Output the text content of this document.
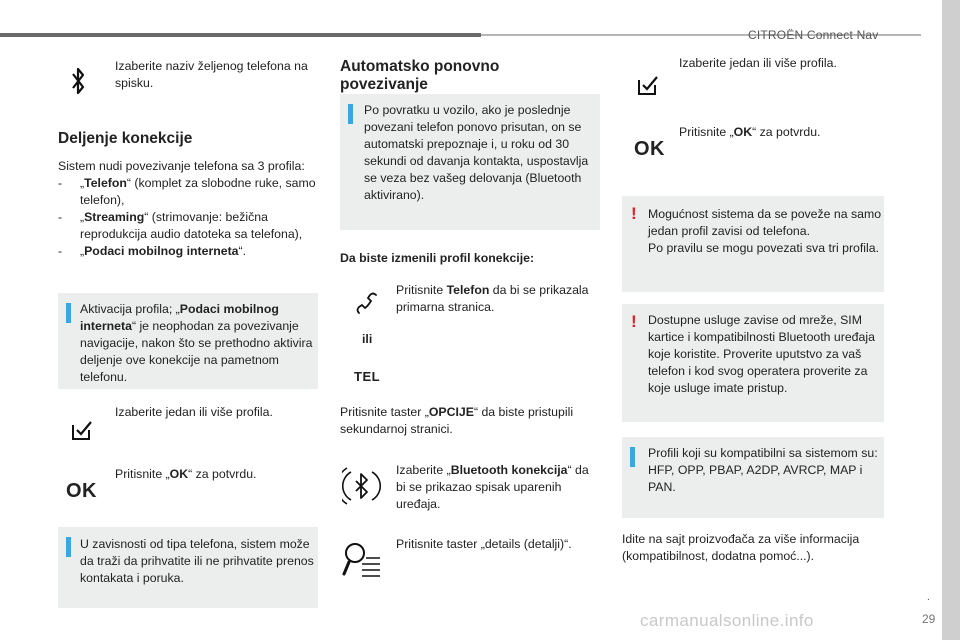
CITROËN Connect Nav
.
29

Izaberite naziv željenog telefona na spisku.

Deljenje konekcije

Sistem nudi povezivanje telefona sa 3 profila:

- „Telefon“ (komplet za slobodne ruke, samo telefon),
- „Streaming“ (strimovanje: bežična reprodukcija audio datoteka sa telefona),
- „Podaci mobilnog interneta“.
Aktivacija profila; „Podaci mobilnog interneta“ je neophodan za povezivanje navigacije, nakon što se prethodno aktivira deljenje ove konekcije na pametnom telefonu.

Izaberite jedan ili više profila.

OK

Pritisnite „OK“ za potvrdu.

U zavisnosti od tipa telefona, sistem može da traži da prihvatite ili ne prihvatite prenos kontakata i poruka.
Automatsko ponovno povezivanje
Po povratku u vozilo, ako je poslednje povezani telefon ponovo prisutan, on se automatski prepoznaje i, u roku od 30 sekundi od davanja kontakta, uspostavlja se veza bez vašeg delovanja (Bluetooth aktivirano).

Da biste izmenili profil konekcije:

Pritisnite Telefon da bi se prikazala primarna stranica.

ili
TEL

Pritisnite taster „OPCIJE“ da biste pristupili sekundarnoj stranici.

Izaberite „Bluetooth konekcija“ da bi se prikazao spisak uparenih uređaja.

Pritisnite taster „details (detalji)“.

Izaberite jedan ili više profila.

OK

Pritisnite „OK“ za potvrdu.

! Mogućnost sistema da se poveže na samo jedan profil zavisi od telefona.
Po pravilu se mogu povezati sva tri profila.
! Dostupne usluge zavise od mreže, SIM kartice i kompatibilnosti Bluetooth uređaja koje koristite. Proverite uputstvo za vaš telefon i kod svog operatera proverite za koje usluge imate pristup.
Profili koji su kompatibilni sa sistemom su: HFP, OPP, PBAP, A2DP, AVRCP, MAP i PAN.

Idite na sajt proizvođača za više informacija (kompatibilnost, dodatna pomoć...).

carmanualsonline.info
